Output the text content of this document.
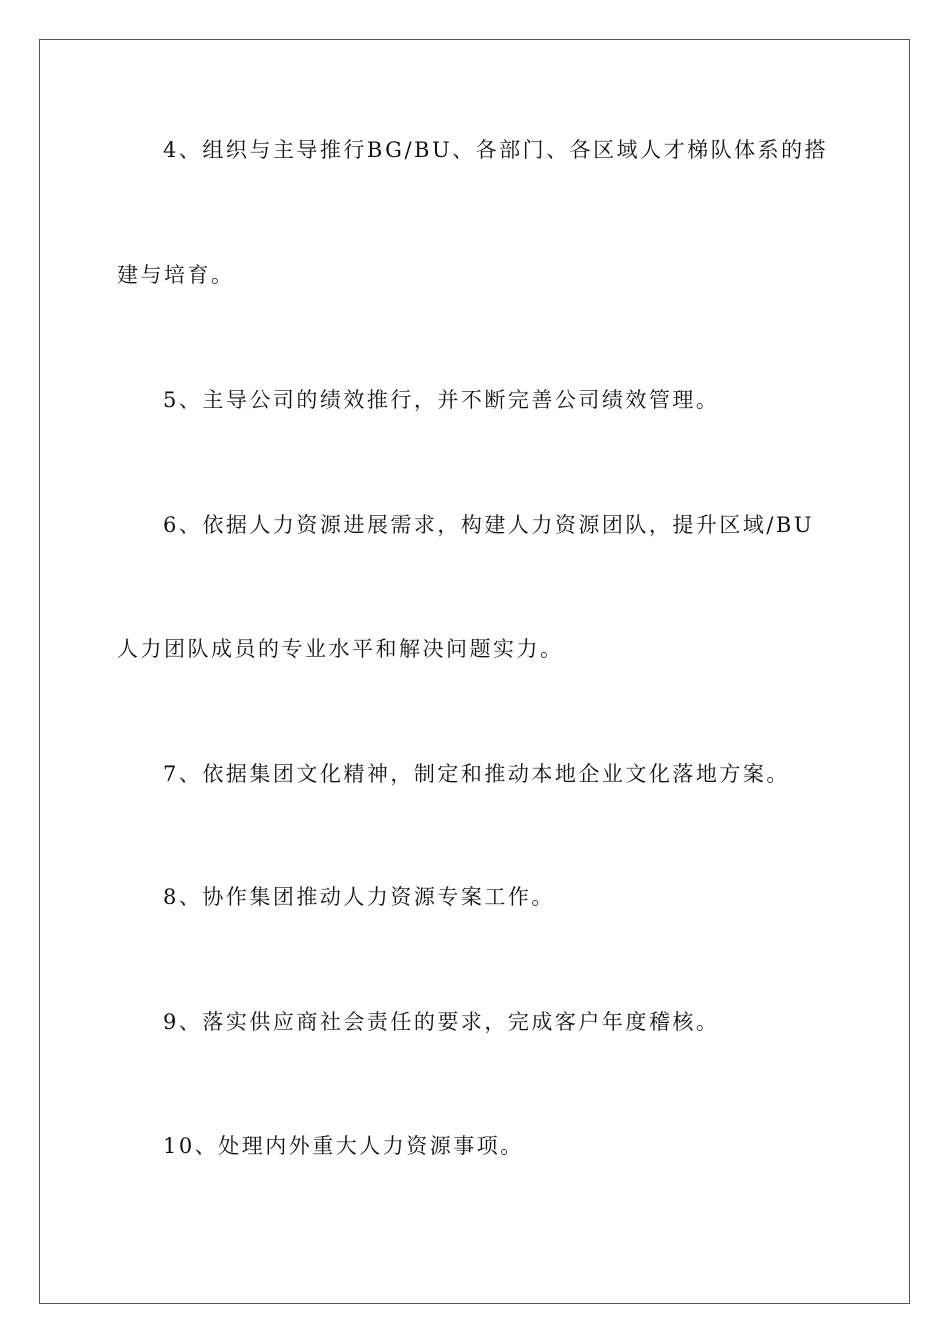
4、组织与主导推行BG/BU、各部门、各区域人才梯队体系的搭
建与培育。
5、主导公司的绩效推行，并不断完善公司绩效管理。
6、依据人力资源进展需求，构建人力资源团队，提升区域/BU
人力团队成员的专业水平和解决问题实力。
7、依据集团文化精神，制定和推动本地企业文化落地方案。
8、协作集团推动人力资源专案工作。
9、落实供应商社会责任的要求，完成客户年度稽核。
10、处理内外重大人力资源事项。
